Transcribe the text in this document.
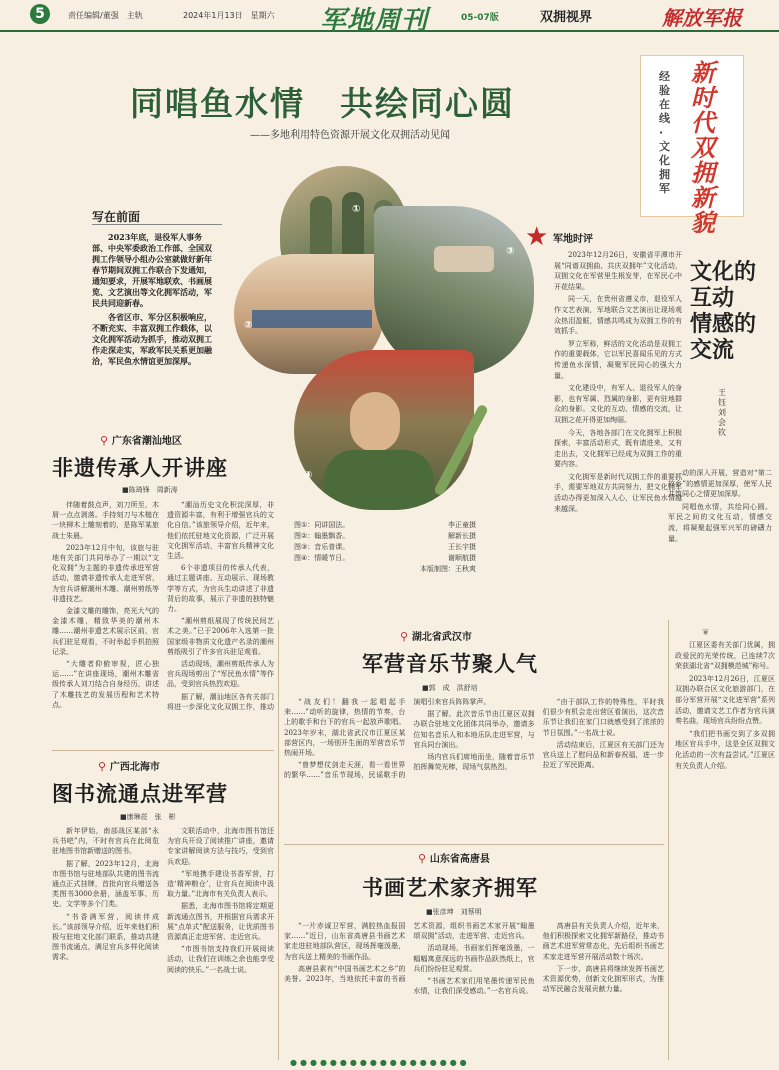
5	责任编辑/董强　主轨	2024年1月13日　星期六 军地周刊	05-07版	双拥视界	解放军报
同唱鱼水情　共绘同心圆
——多地利用特色资源开展文化双拥活动见闻
经验在线·文化拥军
新时代双拥新貌
写在前面

2023年底，退役军人事务部、中央军委政治工作部、全国双拥工作领导小组办公室就做好新年春节期间双拥工作联合下发通知，通知要求，开展军地联欢、书画展览、文艺演出等文化拥军活动，军民共同迎新春。

各省区市、军分区积极响应，不断充实、丰富双拥工作载体，以文化拥军活动为抓手，推动双拥工作走深走实，军政军民关系更加融洽，军民鱼水情谊更加深厚。

①
②
③
④
图①：同讲国法。
图②：翰墨飘香。
图③：音乐普课。
图④：情暖节日。
李正童摄
解新长摄
王长宇摄
谢顺航摄
本版制图：王秋爽
★ 军地时评

2023年12月26日，安徽省平潭市开展“同谱双拥曲、共庆双拥年”文化活动，双拥文化在军营里生根发芽，在军民心中开花结果。

同一天，在贵州省遵义市，退役军人作文艺表演，军地联合文艺演出让现场观众热泪盈眶，情感共鸣成为双拥工作的有效抓手。

罗立军称，鲜活的文化活动是双拥工作的重要载体，它以军民喜闻乐见的方式传递鱼水深情，凝聚军民同心的强大力量。

文化建设中，有军人、退役军人的身影，也有军属、烈属的身影，更有驻地群众的身影。文化的互动、情感的交流，让双拥之花开得更加绚丽。

今天，各地各部门在文化拥军上积极探索，丰富活动形式，既有请进来，又有走出去，文化拥军已经成为双拥工作的重要内容。

文化拥军是新时代双拥工作的重要抓手，需要军地双方共同努力，把文化拥军活动办得更加深入人心，让军民鱼水情越来越深。

文化的互动　情感的交流
王钰　刘会钦

动的深入开展，营造对“第二故乡”的感情更加深厚，使军人民共筑同心之情更加深厚。

同唱鱼水情，共绘同心圆。军民之间的文化互动，情感交流，将凝聚起强军兴军的磅礴力量。

❦

江夏区委有关部门优属，拥政爱民的光荣传统，已连续7次荣获湖北省“双拥模范城”称号。

2023年12月26日，江夏区双拥办联合区文化旅游部门，在部分军营开展“文化进军营”系列活动，邀请文艺工作者为官兵演奏名曲，现场官兵纷纷点赞。

“我们把书画交到了多双拥地区官兵手中，这是全区双拥文化活动的一次有益尝试。”江夏区有关负责人介绍。

⚲ 广东省潮汕地区
非遗传承人开讲座
■陈琦锋　周新涛

伴随着鼓点声，刘刀所至，木屑一点点剥落。手持刻刀与木槌在一块柳木上雕刻着的，是陈军某旅战士朱晨。

2023年12月中旬，该旅与驻地有关部门共同举办了一期以“文化双拥”为主题的非遗传承进军营活动，邀请非遗传承人走进军营，为官兵讲解潮州木雕、潮州剪纸等非遗技艺。

金漆文雕的雕饰，亮光大气的金漆木雕，精致华美的潮州木雕……潮州非遗艺术展示区前，官兵们驻足观看，不时举起手机拍照记录。

“大雕者仰俯审视，匠心独运……”在讲座现场，潮州木雕省级传承人刘刀结合自身经历，讲述了木雕技艺的发展历程和艺术特点。

“潮汕历史文化积淀深厚，非遗资源丰富，有利于增强官兵的文化自信。”该旅领导介绍，近年来，他们依托驻地文化资源，广泛开展文化拥军活动，丰富官兵精神文化生活。

6个非遗项目的传承人代表，通过主题讲座、互动展示、现场教学等方式，为官兵生动讲述了非遗背后的故事，展示了非遗的独特魅力。

“潮州剪纸展现了传统民间艺术之美。”已于2006年入选第一批国家级非物质文化遗产名录的潮州剪纸吸引了许多官兵驻足观看。

活动现场，潮州剪纸传承人为官兵现场剪出了“军民鱼水情”等作品，受到官兵热烈欢迎。

据了解，潮汕地区各有关部门将进一步深化文化双拥工作，推动

⚲ 湖北省武汉市
军营音乐节聚人气
■郭　成　洪舒培

“战友们！翻我一起唱起手来……”动听的旋律，热情的节奏，台上的歌手和台下的官兵一起放声歌唱。2023年岁末，湖北省武汉市江夏区某部营区内，一场别开生面的军营音乐节热闹开场。

“曾梦想仗剑走天涯，看一看世界的繁华……”音乐节现场，民谣歌手的演唱引来官兵阵阵掌声。

据了解，此次音乐节由江夏区双拥办联合驻地文化团体共同举办，邀请多位知名音乐人和本地乐队走进军营，与官兵同台演出。

场内官兵们席地而坐，随着音乐节拍挥舞荧光棒，现场气氛热烈。

“由于部队工作的特殊性，平时我们很少有机会走出营区看演出，这次音乐节让我们在家门口就感受到了浓浓的节日氛围。”一名战士说。

活动结束后，江夏区有关部门还为官兵送上了慰问品和新春祝福，进一步拉近了军民距离。

⚲ 广西北海市
图书流通点进军营
■康琳莅　张　彬

新年伊始，南部战区某部“永兵书吧”内，不时有官兵在此阅览驻地图书馆新赠送的图书。

据了解，2023年12月，北海市图书馆与驻地部队共建的图书流通点正式挂牌，首批向官兵赠送各类图书3000余册，涵盖军事、历史、文学等多个门类。

“书香满军营，阅读伴成长。”该部领导介绍，近年来他们积极与驻地文化部门联系，推动共建图书流通点，满足官兵多样化阅读需求。

文联活动中，北海市图书馆还为官兵开设了阅读推广讲座，邀请专家讲解阅读方法与技巧，受到官兵欢迎。

“军地携手建设书香军营，打造‘精神粮仓’，让官兵在阅读中汲取力量。”北海市有关负责人表示。

据悉，北海市图书馆将定期更新流通点图书，并根据官兵需求开展“点单式”配送服务，让优质图书资源真正走进军营、走近官兵。

“市图书馆支持我们开展阅读活动，让我们在训练之余也能享受阅读的快乐。”一名战士说。

⚲ 山东省高唐县
书画艺术家齐拥军
■张彦坤　刘蔡明

“一片赤诚卫军营，满腔热血报国家……”近日，山东省高唐县书画艺术家走进驻地部队营区，现场挥毫泼墨，为官兵送上精美的书画作品。

高唐县素有“中国书画艺术之乡”的美誉。2023年，当地依托丰富的书画艺术资源，组织书画艺术家开展“翰墨颂双拥”活动，走进军营、走近官兵。

活动现场，书画家们挥毫泼墨，一幅幅寓意深远的书画作品跃然纸上，官兵们纷纷驻足观赏。

“书画艺术家们用笔墨传递军民鱼水情，让我们深受感动。”一名官兵说。

高唐县有关负责人介绍，近年来，他们积极探索文化拥军新路径，推动书画艺术进军营常态化，先后组织书画艺术家走进军营开展活动数十场次。

下一步，高唐县将继续发挥书画艺术资源优势，创新文化拥军形式，为推动军民融合发展贡献力量。

●●●●●●●●●●●●●●●●●●
